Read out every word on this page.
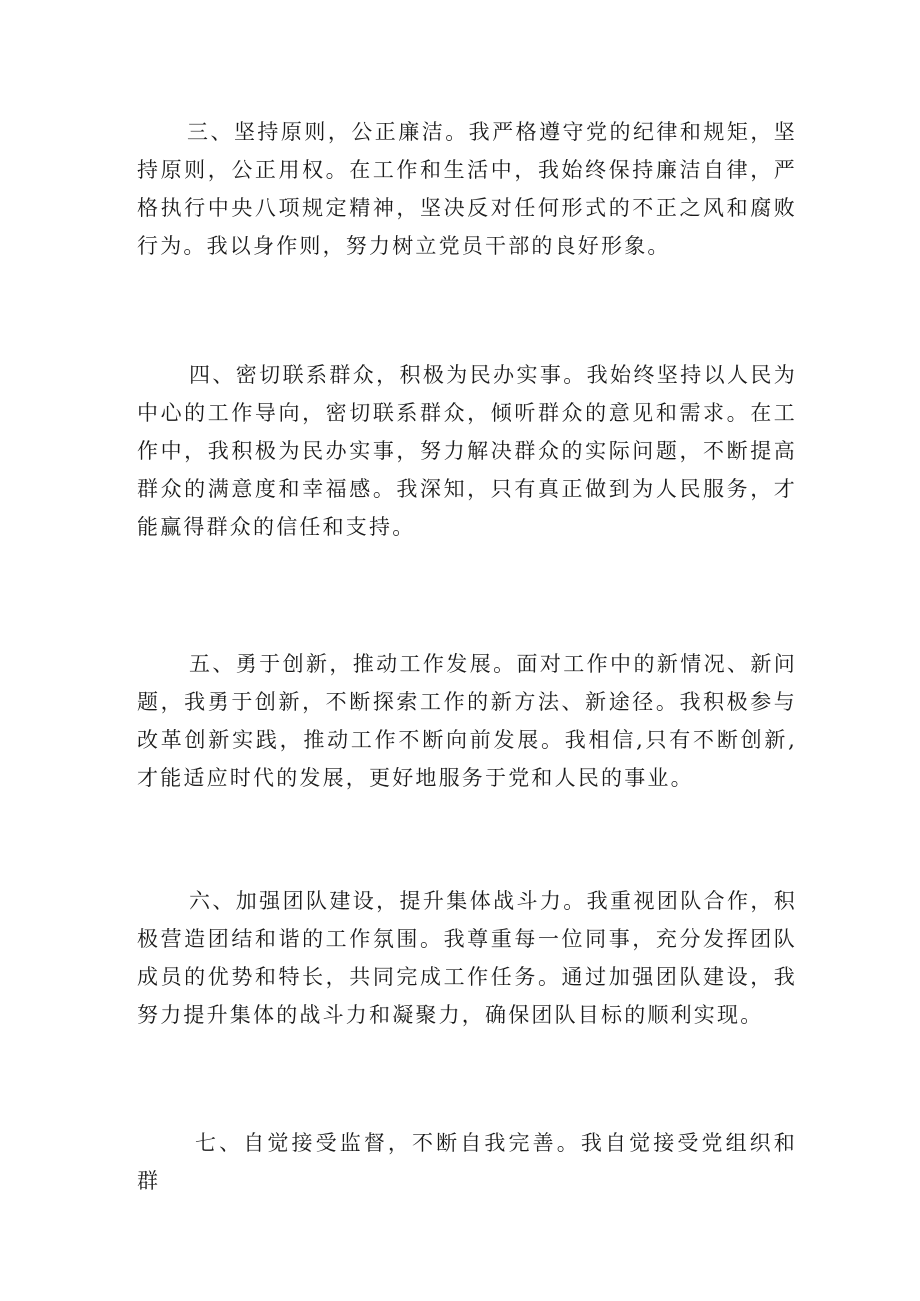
三、坚持原则，公正廉洁。我严格遵守党的纪律和规矩，坚持原则，公正用权。在工作和生活中，我始终保持廉洁自律，严格执行中央八项规定精神，坚决反对任何形式的不正之风和腐败行为。我以身作则，努力树立党员干部的良好形象。

四、密切联系群众，积极为民办实事。我始终坚持以人民为中心的工作导向，密切联系群众，倾听群众的意见和需求。在工作中，我积极为民办实事，努力解决群众的实际问题，不断提高群众的满意度和幸福感。我深知，只有真正做到为人民服务，才能赢得群众的信任和支持。

五、勇于创新，推动工作发展。面对工作中的新情况、新问题，我勇于创新，不断探索工作的新方法、新途径。我积极参与改革创新实践，推动工作不断向前发展。我相信,只有不断创新,才能适应时代的发展，更好地服务于党和人民的事业。

六、加强团队建设，提升集体战斗力。我重视团队合作，积极营造团结和谐的工作氛围。我尊重每一位同事，充分发挥团队成员的优势和特长，共同完成工作任务。通过加强团队建设，我努力提升集体的战斗力和凝聚力，确保团队目标的顺利实现。

七、自觉接受监督，不断自我完善。我自觉接受党组织和群
